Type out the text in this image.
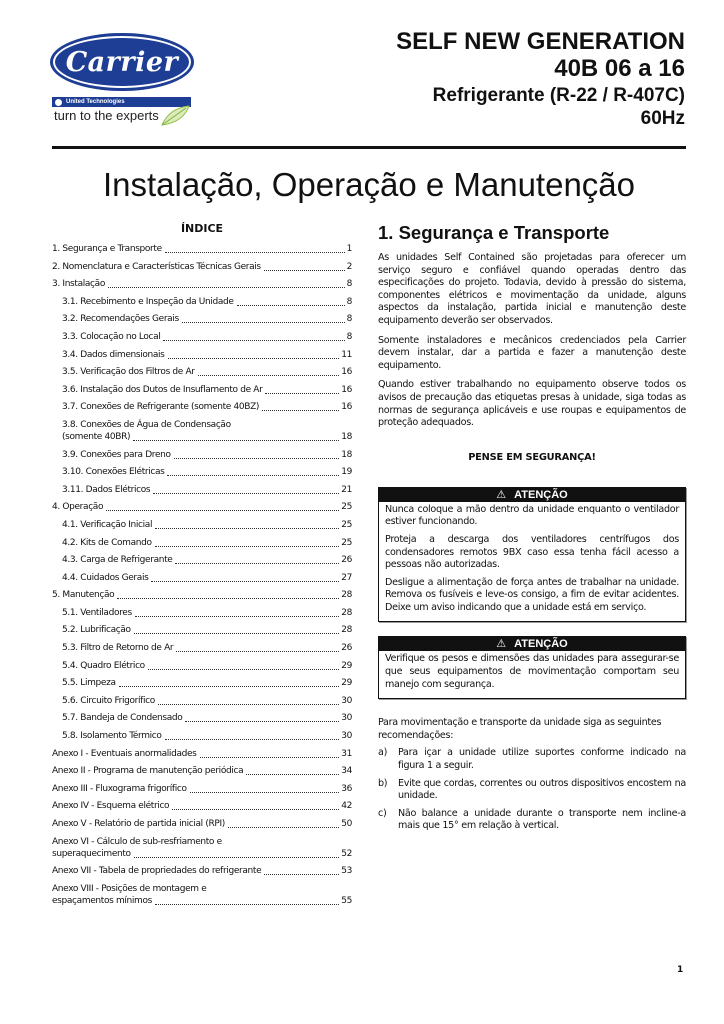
Carrier
United Technologies
turn to the experts
SELF NEW GENERATION
40B 06 a 16
Refrigerante (R-22 / R-407C)
60Hz
Instalação, Operação e Manutenção
ÍNDICE
1. Segurança e Transporte	1
2. Nomenclatura e Características Técnicas Gerais	2
3. Instalação	8
3.1. Recebimento e Inspeção da Unidade	8
3.2. Recomendações Gerais	8
3.3. Colocação no Local	8
3.4. Dados dimensionais	11
3.5. Verificação dos Filtros de Ar	16
3.6. Instalação dos Dutos de Insuflamento de Ar	16
3.7. Conexões de Refrigerante (somente 40BZ)	16
3.8. Conexões de Água de Condensação
(somente 40BR)	18
3.9. Conexões para Dreno	18
3.10. Conexões Elétricas	19
3.11. Dados Elétricos	21
4. Operação	25
4.1. Verificação Inicial	25
4.2. Kits de Comando	25
4.3. Carga de Refrigerante	26
4.4. Cuidados Gerais	27
5. Manutenção	28
5.1. Ventiladores	28
5.2. Lubrificação	28
5.3. Filtro de Retorno de Ar	26
5.4. Quadro Elétrico	29
5.5. Limpeza	29
5.6. Circuito Frigorífico	30
5.7. Bandeja de Condensado	30
5.8. Isolamento Térmico	30
Anexo I - Eventuais anormalidades	31
Anexo II - Programa de manutenção periódica	34
Anexo III - Fluxograma frigorífico	36
Anexo IV - Esquema elétrico	42
Anexo V - Relatório de partida inicial (RPI)	50
Anexo VI - Cálculo de sub-resfriamento e
superaquecimento	52
Anexo VII - Tabela de propriedades do refrigerante	53
Anexo VIII - Posições de montagem e
espaçamentos mínimos	55
1. Segurança e Transporte

As unidades Self Contained são projetadas para oferecer um serviço seguro e confiável quando operadas dentro das especificações do projeto. Todavia, devido à pressão do sistema, componentes elétricos e movimentação da unidade, alguns aspectos da instalação, partida inicial e manutenção deste equipamento deverão ser observados.

Somente instaladores e mecânicos credenciados pela Carrier devem instalar, dar a partida e fazer a manutenção deste equipamento.

Quando estiver trabalhando no equipamento observe todos os avisos de precaução das etiquetas presas à unidade, siga todas as normas de segurança aplicáveis e use roupas e equipamentos de proteção adequados.

PENSE EM SEGURANÇA!
⚠ ATENÇÃO

Nunca coloque a mão dentro da unidade enquanto o ventilador estiver funcionando.

Proteja a descarga dos ventiladores centrífugos dos condensadores remotos 9BX caso essa tenha fácil acesso a pessoas não autorizadas.

Desligue a alimentação de força antes de trabalhar na unidade. Remova os fusíveis e leve-os consigo, a fim de evitar acidentes. Deixe um aviso indicando que a unidade está em serviço.

⚠ ATENÇÃO

Verifique os pesos e dimensões das unidades para assegurar-se que seus equipamentos de movimentação comportam seu manejo com segurança.

Para movimentação e transporte da unidade siga as seguintes recomendações:

a)	Para içar a unidade utilize suportes conforme indicado na figura 1 a seguir.
b)	Evite que cordas, correntes ou outros dispositivos encostem na unidade.
c)	Não balance a unidade durante o transporte nem incline-a mais que 15° em relação à vertical.
1
